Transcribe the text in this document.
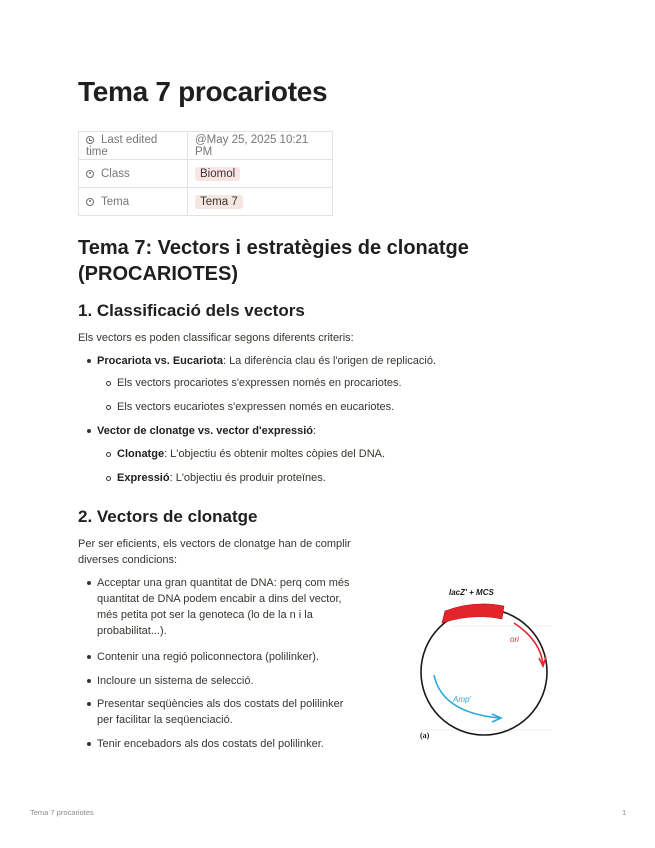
Tema 7 procariotes
Last edited time	@May 25, 2025 10:21 PM
Class	Biomol
Tema	Tema 7
Tema 7: Vectors i estratègies de clonatge (PROCARIOTES)
1. Classificació dels vectors

Els vectors es poden classificar segons diferents criteris:

Procariota vs. Eucariota: La diferència clau és l'origen de replicació.
Els vectors procariotes s'expressen només en procariotes.
Els vectors eucariotes s'expressen només en eucariotes.
Vector de clonatge vs. vector d'expressió:
Clonatge: L'objectiu és obtenir moltes còpies del DNA.
Expressió: L'objectiu és produir proteïnes.
2. Vectors de clonatge

Per ser eficients, els vectors de clonatge han de complir

diverses condicions:

Acceptar una gran quantitat de DNA: perq com més
quantitat de DNA podem encabir a dins del vector,
més petita pot ser la genoteca (lo de la n i la
probabilitat...).
Contenir una regió policonnectora (polilinker).
Incloure un sistema de selecció.
Presentar seqüències als dos costats del polilinker
per facilitar la seqüenciació.
Tenir encebadors als dos costats del polilinker.
lacZ' + MCS
ori
Amp$^r$
(a)
Tema 7 procariotes	1
